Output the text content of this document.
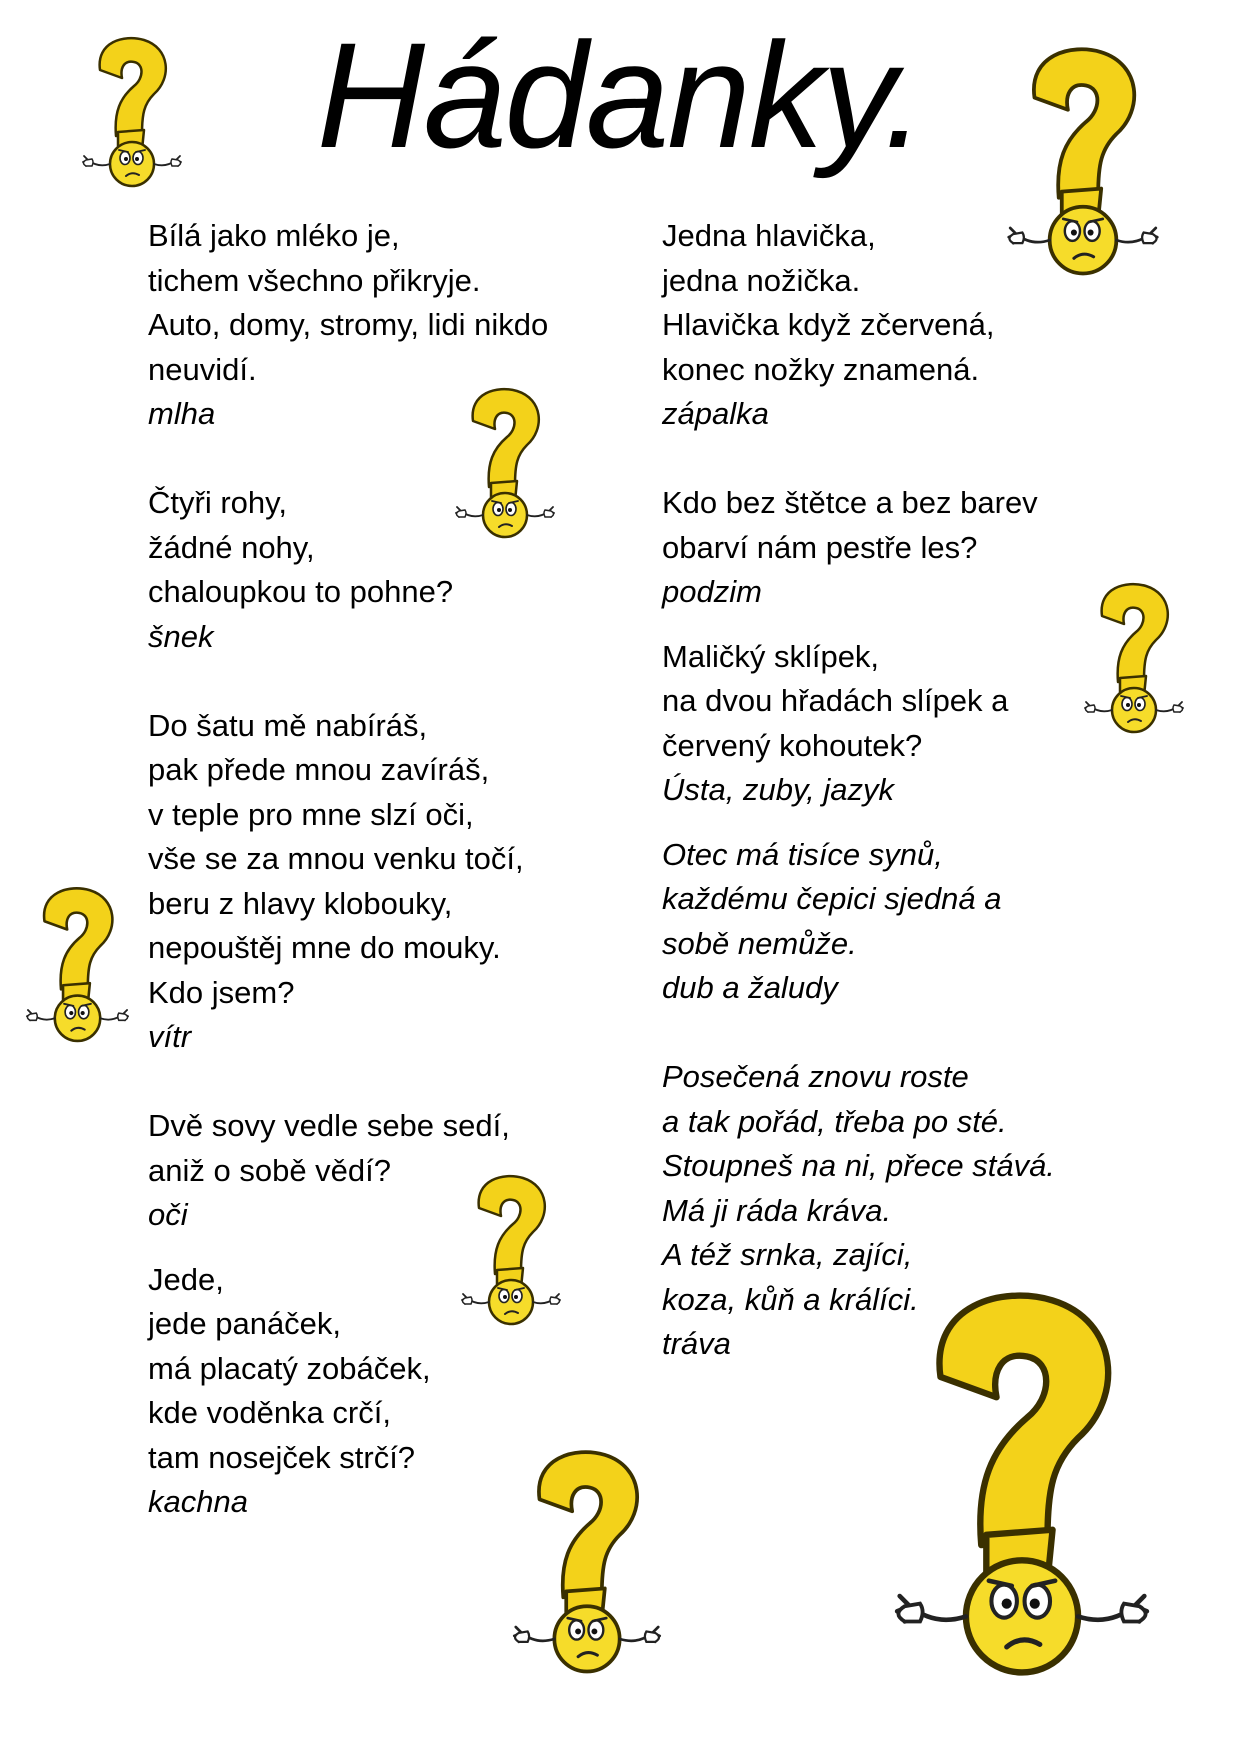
Hádanky.
Bílá jako mléko je,
tichem všechno přikryje.
Auto, domy, stromy, lidi nikdo
neuvidí.
mlha
Čtyři rohy,
žádné nohy,
chaloupkou to pohne?
šnek
Do šatu mě nabíráš,
pak přede mnou zavíráš,
v teple pro mne slzí oči,
vše se za mnou venku točí,
beru z hlavy klobouky,
nepouštěj mne do mouky.
Kdo jsem?
vítr
Dvě sovy vedle sebe sedí,
aniž o sobě vědí?
oči
Jede,
jede panáček,
má placatý zobáček,
kde voděnka crčí,
tam nosejček strčí?
kachna
Jedna hlavička,
jedna nožička.
Hlavička když zčervená,
konec nožky znamená.
zápalka
Kdo bez štětce a bez barev
obarví nám pestře les?
podzim
Maličký sklípek,
na dvou hřadách slípek a
červený kohoutek?
Ústa, zuby, jazyk
Otec má tisíce synů,
každému čepici sjedná a
sobě nemůže.
dub a žaludy
Posečená znovu roste
a tak pořád, třeba po sté.
Stoupneš na ni, přece stává.
Má ji ráda kráva.
A též srnka, zajíci,
koza, kůň a králíci.
tráva
